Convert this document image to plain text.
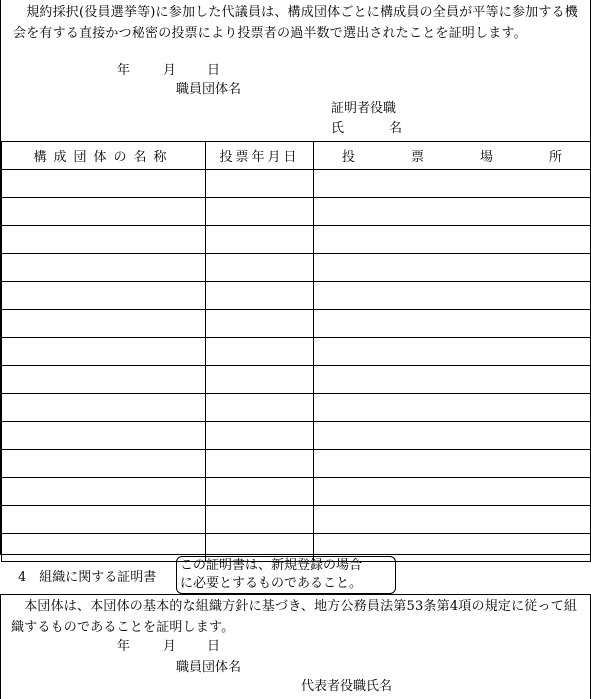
　規約採択(役員選挙等)に参加した代議員は、構成団体ごとに構成員の全員が平等に参加する機会を有する直接かつ秘密の投票により投票者の過半数で選出されたことを証明します。
年	月 日
職員団体名
証明者役職
氏	名
構成団体の名称	投票年月日	投 票 場 所

4　組織に関する証明書
この証明書は、新規登録の場合
に必要とするものであること。
　本団体は、本団体の基本的な組織方針に基づき、地方公務員法第53条第4項の規定に従って組織するものであることを証明します。
年	月 日
職員団体名
代表者役職氏名
